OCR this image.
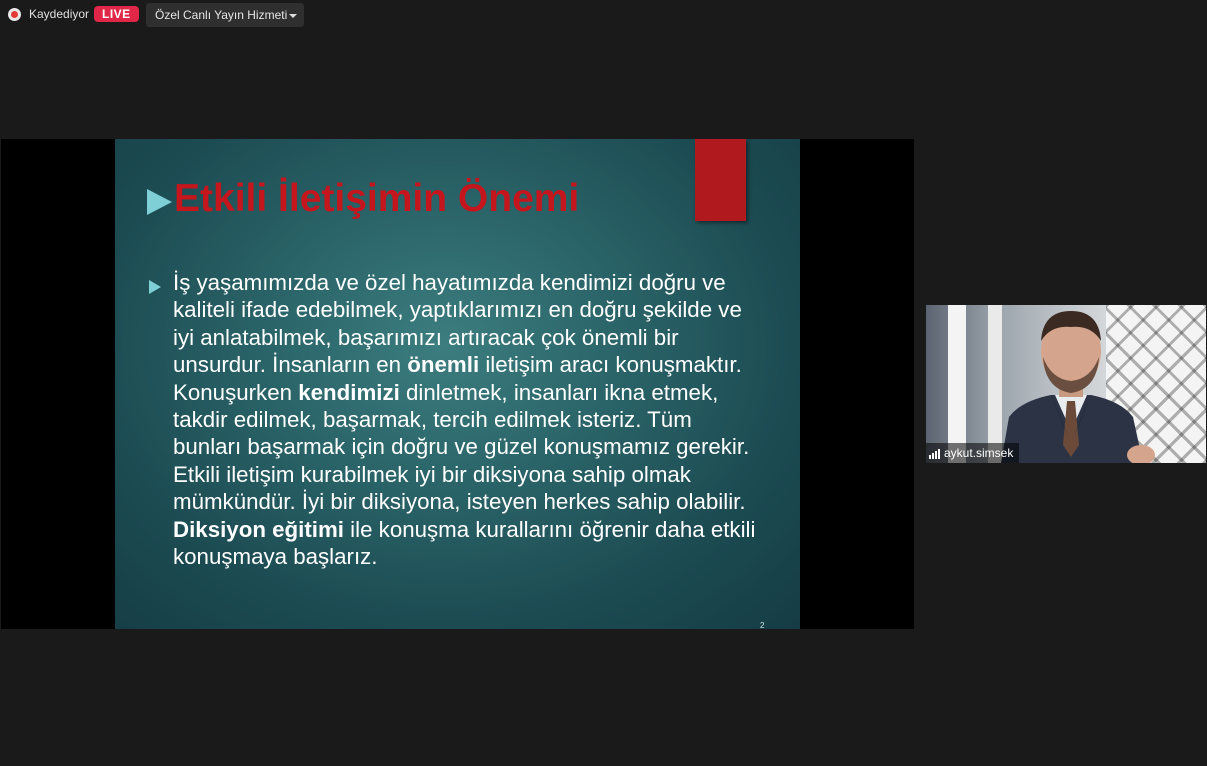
Kaydediyor	LIVE	Özel Canlı Yayın Hizmeti
Etkili İletişimin Önemi
İş yaşamımızda ve özel hayatımızda kendimizi doğru ve kaliteli ifade edebilmek, yaptıklarımızı en doğru şekilde ve iyi anlatabilmek, başarımızı artıracak çok önemli bir unsurdur. İnsanların en önemli iletişim aracı konuşmaktır. Konuşurken kendimizi dinletmek, insanları ikna etmek, takdir edilmek, başarmak, tercih edilmek isteriz. Tüm bunları başarmak için doğru ve güzel konuşmamız gerekir. Etkili iletişim kurabilmek iyi bir diksiyona sahip olmak mümkündür. İyi bir diksiyona, isteyen herkes sahip olabilir. Diksiyon eğitimi ile konuşma kurallarını öğrenir daha etkili konuşmaya başlarız.
2
aykut.simsek
